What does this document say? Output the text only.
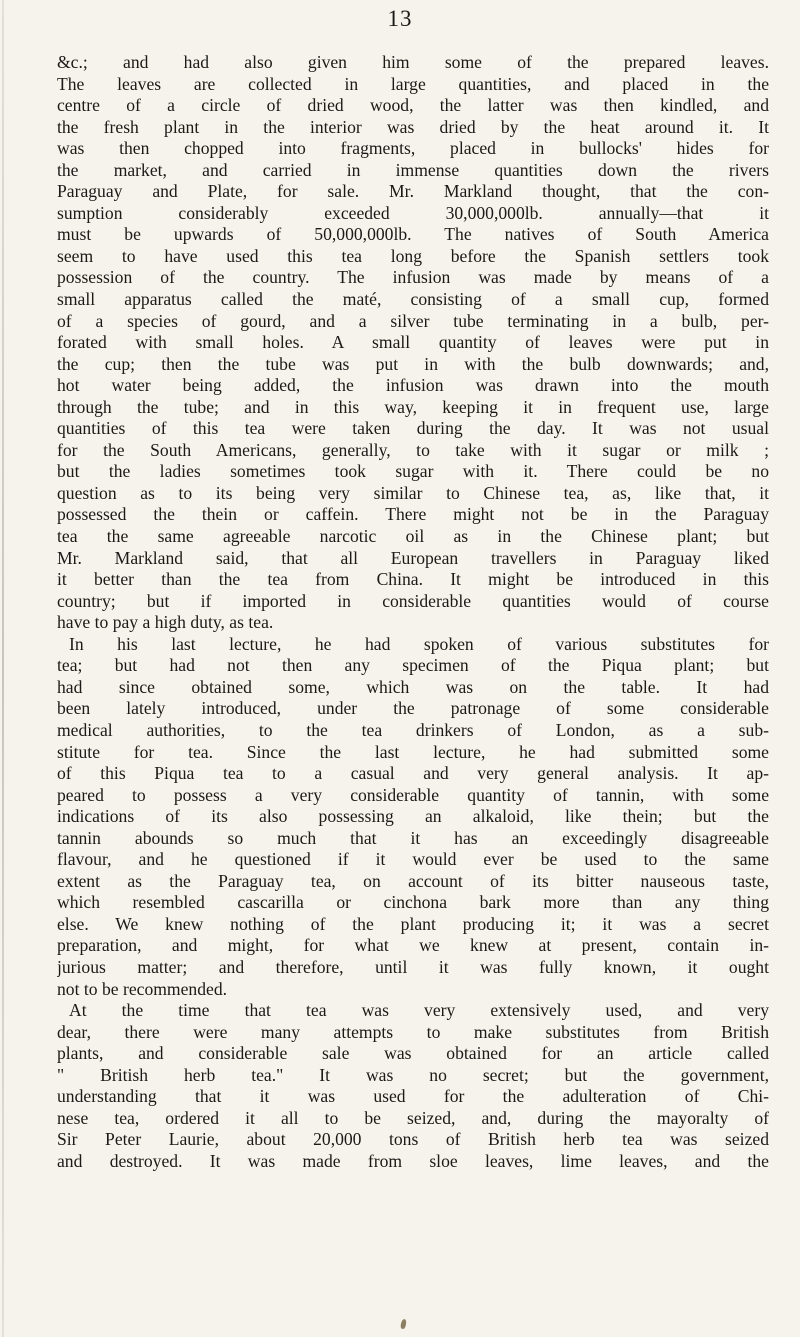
13
&c.; and had also given him some of the prepared leaves.
The leaves are collected in large quantities, and placed in the
centre of a circle of dried wood, the latter was then kindled, and
the fresh plant in the interior was dried by the heat around it. It
was then chopped into fragments, placed in bullocks' hides for
the market, and carried in immense quantities down the rivers
Paraguay and Plate, for sale. Mr. Markland thought, that the con-
sumption considerably exceeded 30,000,000lb. annually—that it
must be upwards of 50,000,000lb. The natives of South America
seem to have used this tea long before the Spanish settlers took
possession of the country. The infusion was made by means of a
small apparatus called the maté, consisting of a small cup, formed
of a species of gourd, and a silver tube terminating in a bulb, per-
forated with small holes. A small quantity of leaves were put in
the cup; then the tube was put in with the bulb downwards; and,
hot water being added, the infusion was drawn into the mouth
through the tube; and in this way, keeping it in frequent use, large
quantities of this tea were taken during the day. It was not usual
for the South Americans, generally, to take with it sugar or milk ;
but the ladies sometimes took sugar with it. There could be no
question as to its being very similar to Chinese tea, as, like that, it
possessed the thein or caffein. There might not be in the Paraguay
tea the same agreeable narcotic oil as in the Chinese plant; but
Mr. Markland said, that all European travellers in Paraguay liked
it better than the tea from China. It might be introduced in this
country; but if imported in considerable quantities would of course
have to pay a high duty, as tea.
In his last lecture, he had spoken of various substitutes for
tea; but had not then any specimen of the Piqua plant; but
had since obtained some, which was on the table. It had
been lately introduced, under the patronage of some considerable
medical authorities, to the tea drinkers of London, as a sub-
stitute for tea. Since the last lecture, he had submitted some
of this Piqua tea to a casual and very general analysis. It ap-
peared to possess a very considerable quantity of tannin, with some
indications of its also possessing an alkaloid, like thein; but the
tannin abounds so much that it has an exceedingly disagreeable
flavour, and he questioned if it would ever be used to the same
extent as the Paraguay tea, on account of its bitter nauseous taste,
which resembled cascarilla or cinchona bark more than any thing
else. We knew nothing of the plant producing it; it was a secret
preparation, and might, for what we knew at present, contain in-
jurious matter; and therefore, until it was fully known, it ought
not to be recommended.
At the time that tea was very extensively used, and very
dear, there were many attempts to make substitutes from British
plants, and considerable sale was obtained for an article called
" British herb tea." It was no secret; but the government,
understanding that it was used for the adulteration of Chi-
nese tea, ordered it all to be seized, and, during the mayoralty of
Sir Peter Laurie, about 20,000 tons of British herb tea was seized
and destroyed. It was made from sloe leaves, lime leaves, and the
